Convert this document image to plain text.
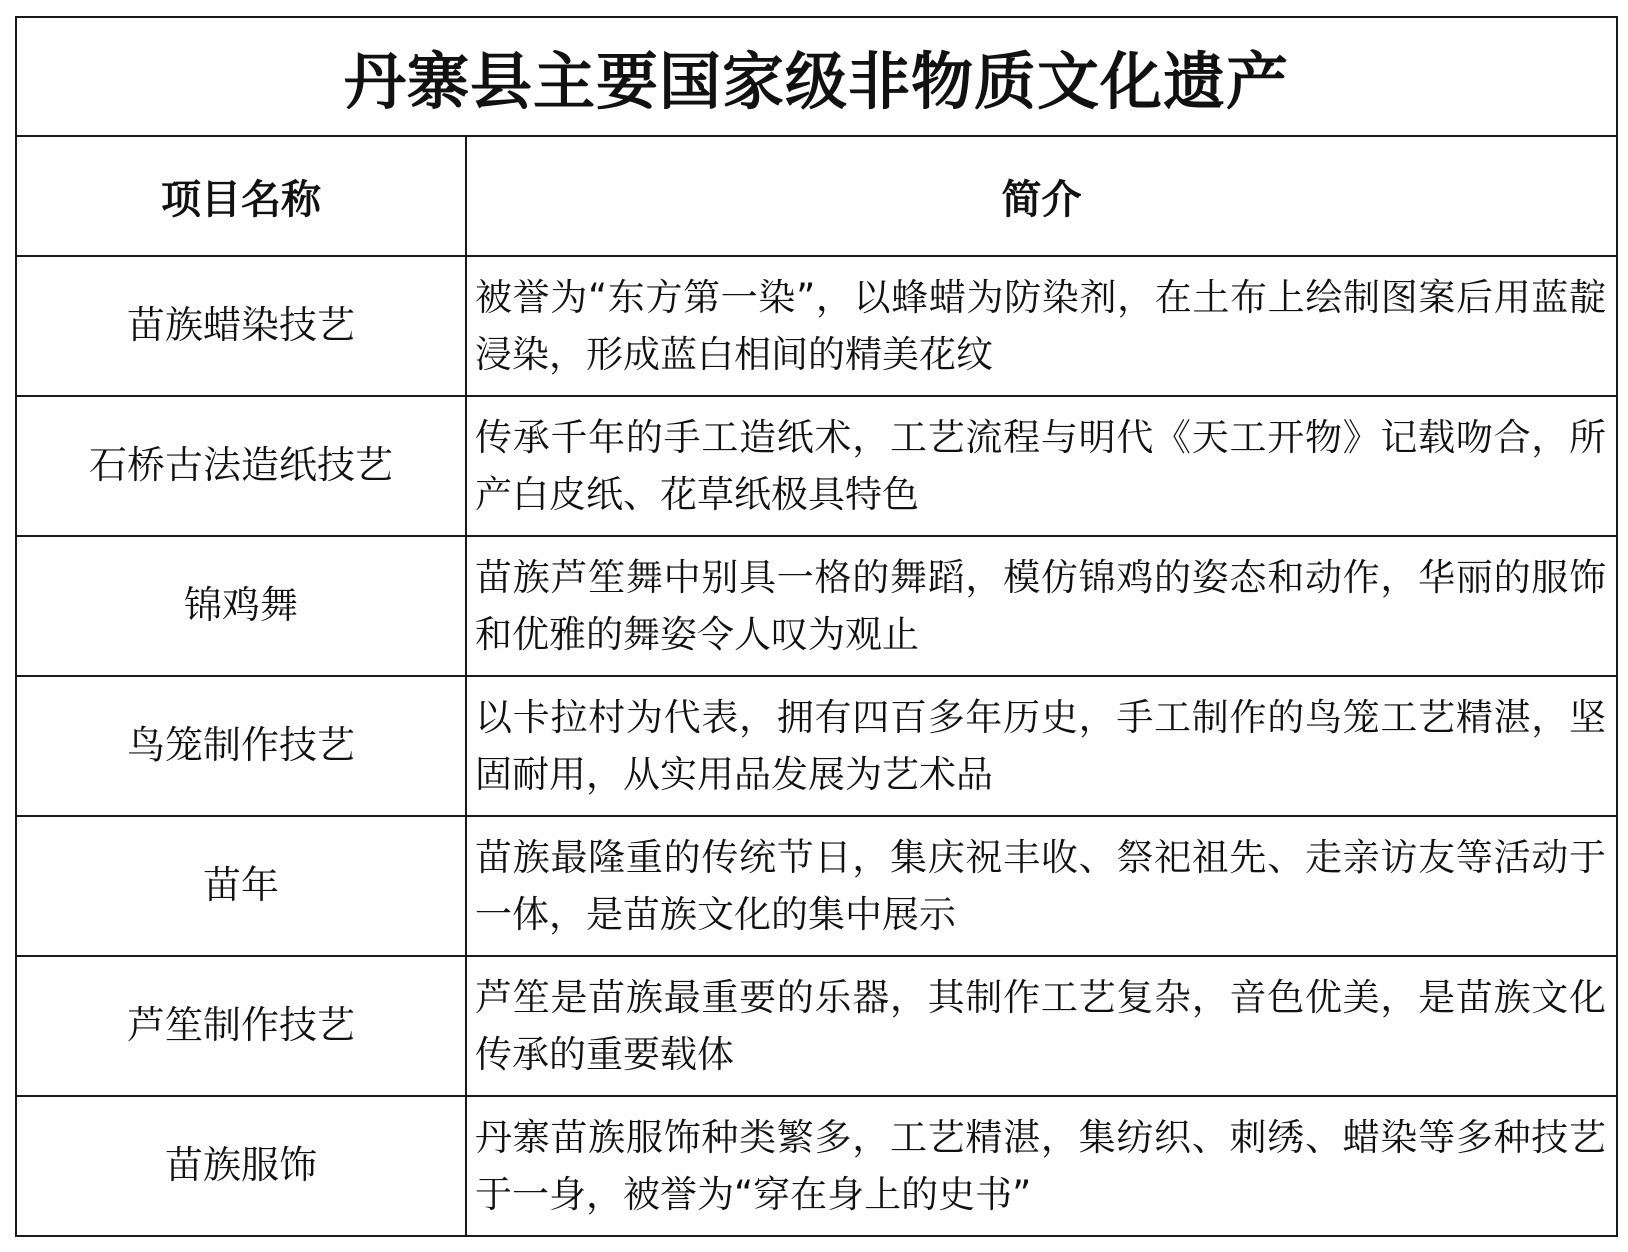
丹寨县主要国家级非物质文化遗产	
项目名称	简介
苗族蜡染技艺	被誉为“东方第一染”，以蜂蜡为防染剂，在土布上绘制图案后用蓝靛浸染，形成蓝白相间的精美花纹
石桥古法造纸技艺	传承千年的手工造纸术，工艺流程与明代《天工开物》记载吻合，所产白皮纸、花草纸极具特色
锦鸡舞	苗族芦笙舞中别具一格的舞蹈，模仿锦鸡的姿态和动作，华丽的服饰和优雅的舞姿令人叹为观止
鸟笼制作技艺	以卡拉村为代表，拥有四百多年历史，手工制作的鸟笼工艺精湛，坚固耐用，从实用品发展为艺术品
苗年	苗族最隆重的传统节日，集庆祝丰收、祭祀祖先、走亲访友等活动于一体，是苗族文化的集中展示
芦笙制作技艺	芦笙是苗族最重要的乐器，其制作工艺复杂，音色优美，是苗族文化传承的重要载体
苗族服饰	丹寨苗族服饰种类繁多，工艺精湛，集纺织、刺绣、蜡染等多种技艺于一身，被誉为“穿在身上的史书”
